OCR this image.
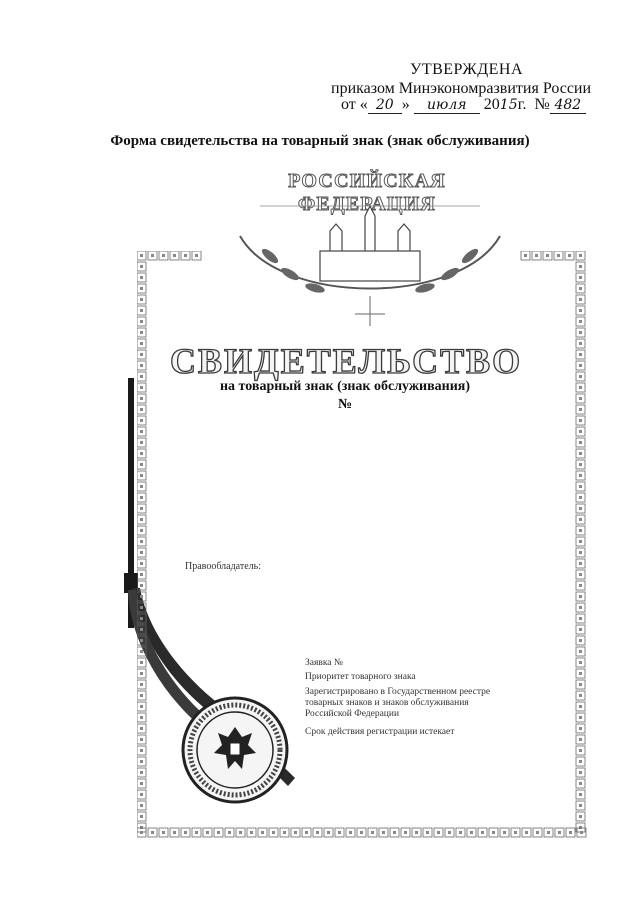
УТВЕРЖДЕНА
приказом Минэкономразвития России
от « 20 » июля 2015 г. № 482
Форма свидетельства на товарный знак (знак обслуживания)
РОССИЙСКАЯ ФЕДЕРАЦИЯ
СВИДЕТЕЛЬСТВО
на товарный знак (знак обслуживания)
№
Правообладатель:
Заявка №
Приоритет товарного знака
Зарегистрировано в Государственном реестре
товарных знаков и знаков обслуживания
Российской Федерации
Срок действия регистрации истекает
